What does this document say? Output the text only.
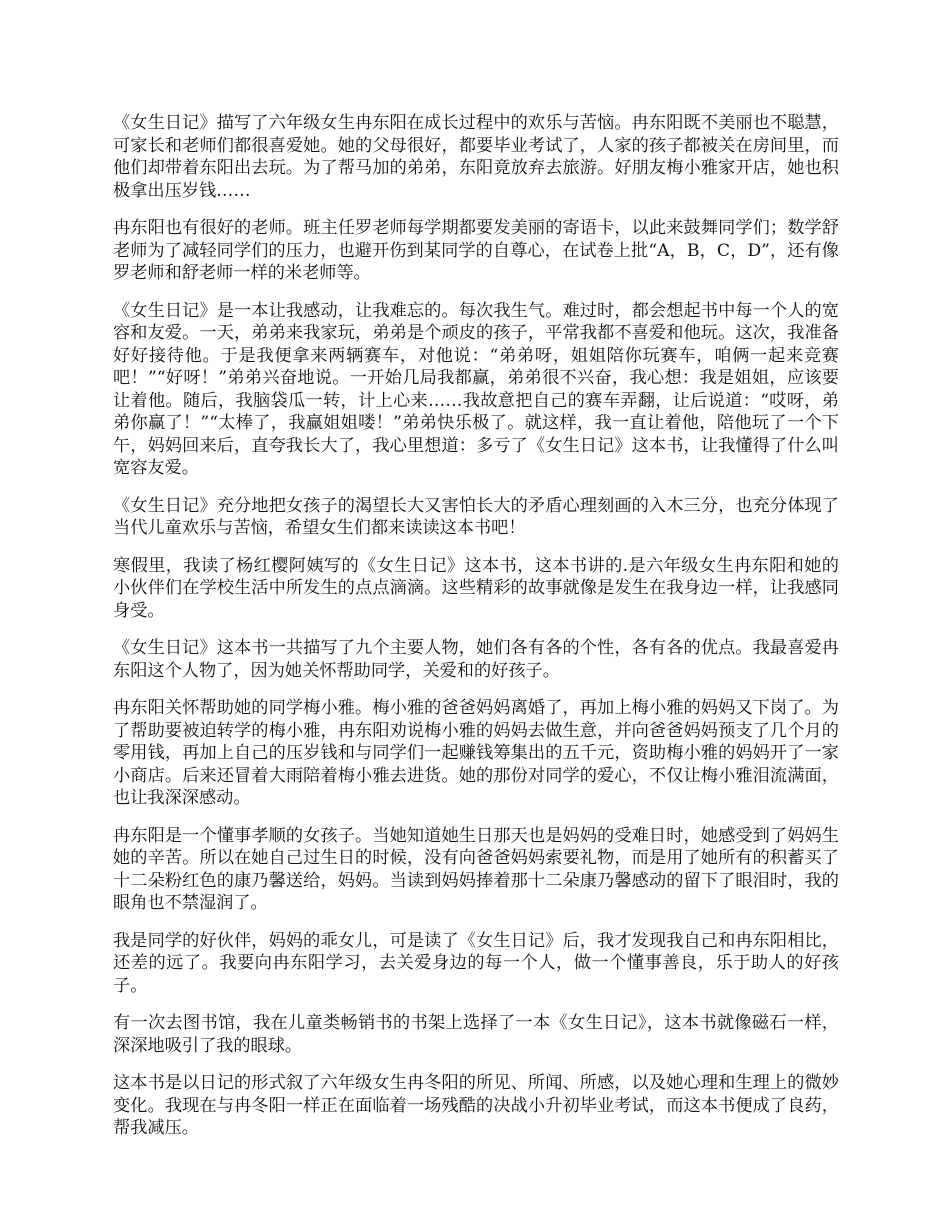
《女生日记》描写了六年级女生冉东阳在成长过程中的欢乐与苦恼。冉东阳既不美丽也不聪慧，可家长和老师们都很喜爱她。她的父母很好，都要毕业考试了，人家的孩子都被关在房间里，而他们却带着东阳出去玩。为了帮马加的弟弟，东阳竟放弃去旅游。好朋友梅小雅家开店，她也积极拿出压岁钱……

冉东阳也有很好的老师。班主任罗老师每学期都要发美丽的寄语卡，以此来鼓舞同学们；数学舒老师为了减轻同学们的压力，也避开伤到某同学的自尊心，在试卷上批“A，B，C，D”，还有像罗老师和舒老师一样的米老师等。

《女生日记》是一本让我感动，让我难忘的。每次我生气。难过时，都会想起书中每一个人的宽容和友爱。一天，弟弟来我家玩，弟弟是个顽皮的孩子，平常我都不喜爱和他玩。这次，我准备好好接待他。于是我便拿来两辆赛车，对他说：“弟弟呀，姐姐陪你玩赛车，咱俩一起来竞赛吧！”“好呀！”弟弟兴奋地说。一开始几局我都赢，弟弟很不兴奋，我心想：我是姐姐，应该要让着他。随后，我脑袋瓜一转，计上心来……我故意把自己的赛车弄翻，让后说道：“哎呀，弟弟你赢了！”“太棒了，我赢姐姐喽！”弟弟快乐极了。就这样，我一直让着他，陪他玩了一个下午，妈妈回来后，直夸我长大了，我心里想道：多亏了《女生日记》这本书，让我懂得了什么叫宽容友爱。

《女生日记》充分地把女孩子的渴望长大又害怕长大的矛盾心理刻画的入木三分，也充分体现了当代儿童欢乐与苦恼，希望女生们都来读读这本书吧！

寒假里，我读了杨红樱阿姨写的《女生日记》这本书，这本书讲的.是六年级女生冉东阳和她的小伙伴们在学校生活中所发生的点点滴滴。这些精彩的故事就像是发生在我身边一样，让我感同身受。

《女生日记》这本书一共描写了九个主要人物，她们各有各的个性，各有各的优点。我最喜爱冉东阳这个人物了，因为她关怀帮助同学，关爱和的好孩子。

冉东阳关怀帮助她的同学梅小雅。梅小雅的爸爸妈妈离婚了，再加上梅小雅的妈妈又下岗了。为了帮助要被迫转学的梅小雅，冉东阳劝说梅小雅的妈妈去做生意，并向爸爸妈妈预支了几个月的零用钱，再加上自己的压岁钱和与同学们一起赚钱筹集出的五千元，资助梅小雅的妈妈开了一家小商店。后来还冒着大雨陪着梅小雅去进货。她的那份对同学的爱心，不仅让梅小雅泪流满面，也让我深深感动。

冉东阳是一个懂事孝顺的女孩子。当她知道她生日那天也是妈妈的受难日时，她感受到了妈妈生她的辛苦。所以在她自己过生日的时候，没有向爸爸妈妈索要礼物，而是用了她所有的积蓄买了十二朵粉红色的康乃馨送给，妈妈。当读到妈妈捧着那十二朵康乃馨感动的留下了眼泪时，我的眼角也不禁湿润了。

我是同学的好伙伴，妈妈的乖女儿，可是读了《女生日记》后，我才发现我自己和冉东阳相比，还差的远了。我要向冉东阳学习，去关爱身边的每一个人，做一个懂事善良，乐于助人的好孩子。

有一次去图书馆，我在儿童类畅销书的书架上选择了一本《女生日记》，这本书就像磁石一样，深深地吸引了我的眼球。

这本书是以日记的形式叙了六年级女生冉冬阳的所见、所闻、所感，以及她心理和生理上的微妙变化。我现在与冉冬阳一样正在面临着一场残酷的决战小升初毕业考试，而这本书便成了良药，帮我减压。
